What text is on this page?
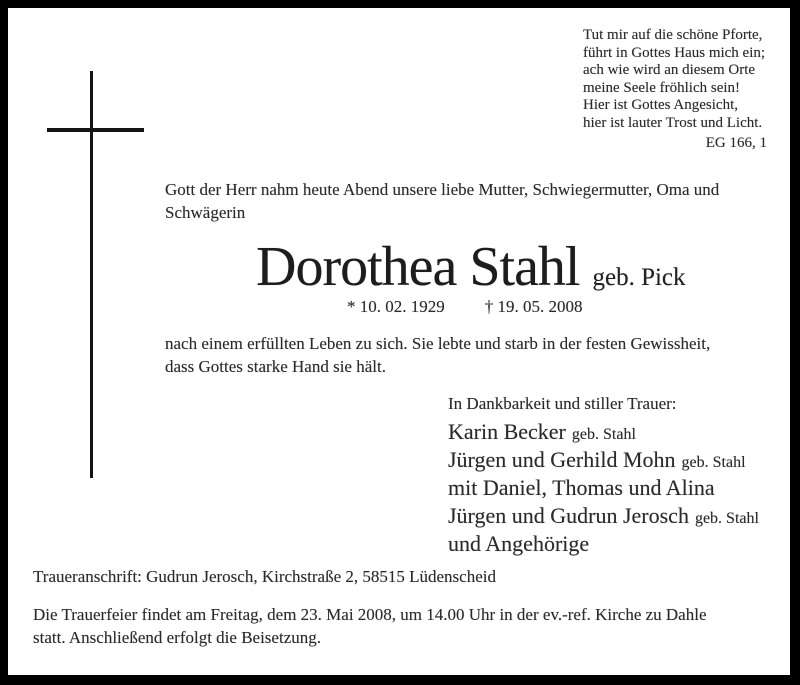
Tut mir auf die schöne Pforte,
führt in Gottes Haus mich ein;
ach wie wird an diesem Orte
meine Seele fröhlich sein!
Hier ist Gottes Angesicht,
hier ist lauter Trost und Licht.
EG 166, 1
Gott der Herr nahm heute Abend unsere liebe Mutter, Schwiegermutter, Oma und
Schwägerin
Dorothea Stahl geb. Pick
* 10. 02. 1929 † 19. 05. 2008
nach einem erfüllten Leben zu sich. Sie lebte und starb in der festen Gewissheit,
dass Gottes starke Hand sie hält.
In Dankbarkeit und stiller Trauer:
Karin Becker geb. Stahl
Jürgen und Gerhild Mohn geb. Stahl
mit Daniel, Thomas und Alina
Jürgen und Gudrun Jerosch geb. Stahl
und Angehörige
Traueranschrift: Gudrun Jerosch, Kirchstraße 2, 58515 Lüdenscheid
Die Trauerfeier findet am Freitag, dem 23. Mai 2008, um 14.00 Uhr in der ev.-ref. Kirche zu Dahle
statt. Anschließend erfolgt die Beisetzung.
